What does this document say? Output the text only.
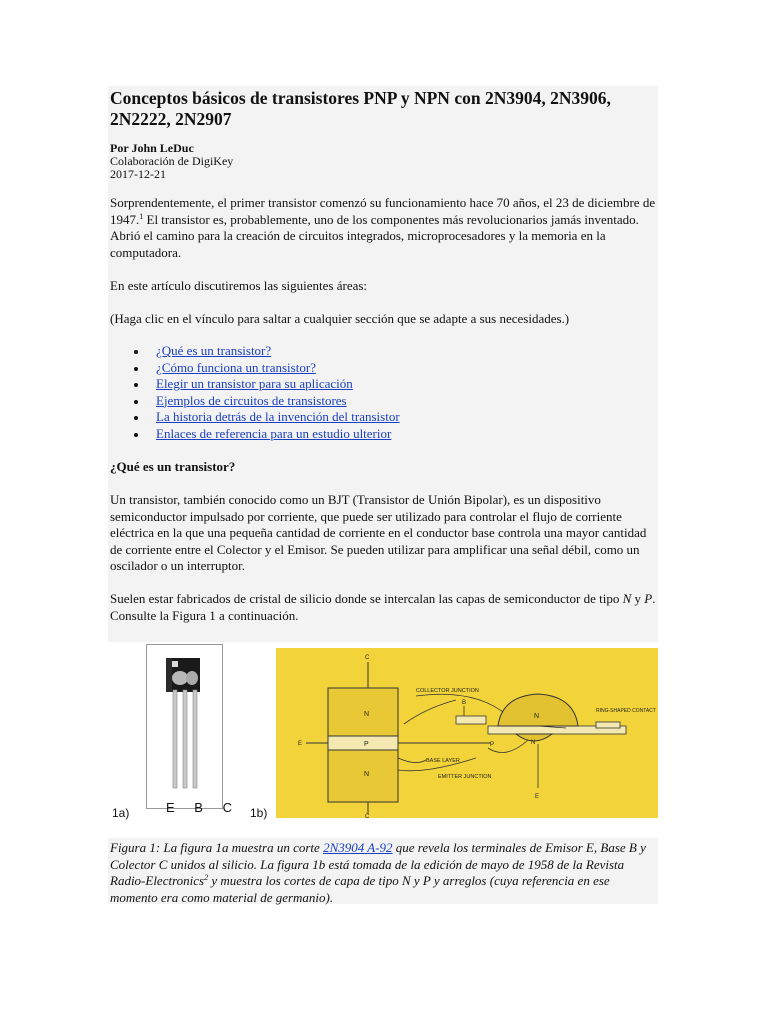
Conceptos básicos de transistores PNP y NPN con 2N3904, 2N3906, 2N2222, 2N2907
Por John LeDuc
Colaboración de DigiKey
2017-12-21

Sorprendentemente, el primer transistor comenzó su funcionamiento hace 70 años, el 23 de diciembre de 1947.$^1$ El transistor es, probablemente, uno de los componentes más revolucionarios jamás inventado. Abrió el camino para la creación de circuitos integrados, microprocesadores y la memoria en la computadora.

En este artículo discutiremos las siguientes áreas:

(Haga clic en el vínculo para saltar a cualquier sección que se adapte a sus necesidades.)

¿Qué es un transistor?
¿Cómo funciona un transistor?
Elegir un transistor para su aplicación
Ejemplos de circuitos de transistores
La historia detrás de la invención del transistor
Enlaces de referencia para un estudio ulterior
¿Qué es un transistor?

Un transistor, también conocido como un BJT (Transistor de Unión Bipolar), es un dispositivo semiconductor impulsado por corriente, que puede ser utilizado para controlar el flujo de corriente eléctrica en la que una pequeña cantidad de corriente en el conductor base controla una mayor cantidad de corriente entre el Colector y el Emisor. Se pueden utilizar para amplificar una señal débil, como un oscilador o un interruptor.

Suelen estar fabricados de cristal de silicio donde se intercalan las capas de semiconductor de tipo N y P. Consulte la Figura 1 a continuación.

E B C
1a)	1b)
C
E
C
E
N
P
N
B
COLLECTOR JUNCTION
RING-SHAPED CONTACT
BASE LAYER
EMITTER JUNCTION
N
P	N

Figura 1: La figura 1a muestra un corte 2N3904 A-92 que revela los terminales de Emisor E, Base B y Colector C unidos al silicio. La figura 1b está tomada de la edición de mayo de 1958 de la Revista Radio-Electronics$^2$ y muestra los cortes de capa de tipo N y P y arreglos (cuya referencia en ese momento era como material de germanio).
